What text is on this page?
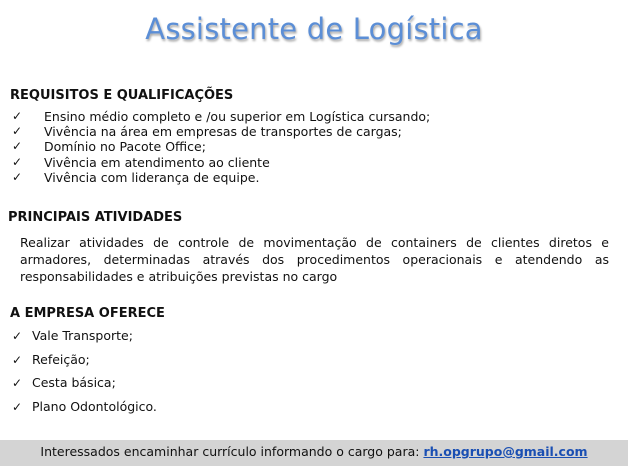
Assistente de Logística
REQUISITOS E QUALIFICAÇÕES
✓ Ensino médio completo e /ou superior em Logística cursando;
✓ Vivência na área em empresas de transportes de cargas;
✓ Domínio no Pacote Office;
✓ Vivência em atendimento ao cliente
✓ Vivência com liderança de equipe.
PRINCIPAIS ATIVIDADES
Realizar atividades de controle de movimentação de containers de clientes diretos e armadores, determinadas através dos procedimentos operacionais e atendendo as responsabilidades e atribuições previstas no cargo
A EMPRESA OFERECE
✓ Vale Transporte;
✓ Refeição;
✓ Cesta básica;
✓ Plano Odontológico.
Interessados encaminhar currículo informando o cargo para: rh.opgrupo@gmail.com
